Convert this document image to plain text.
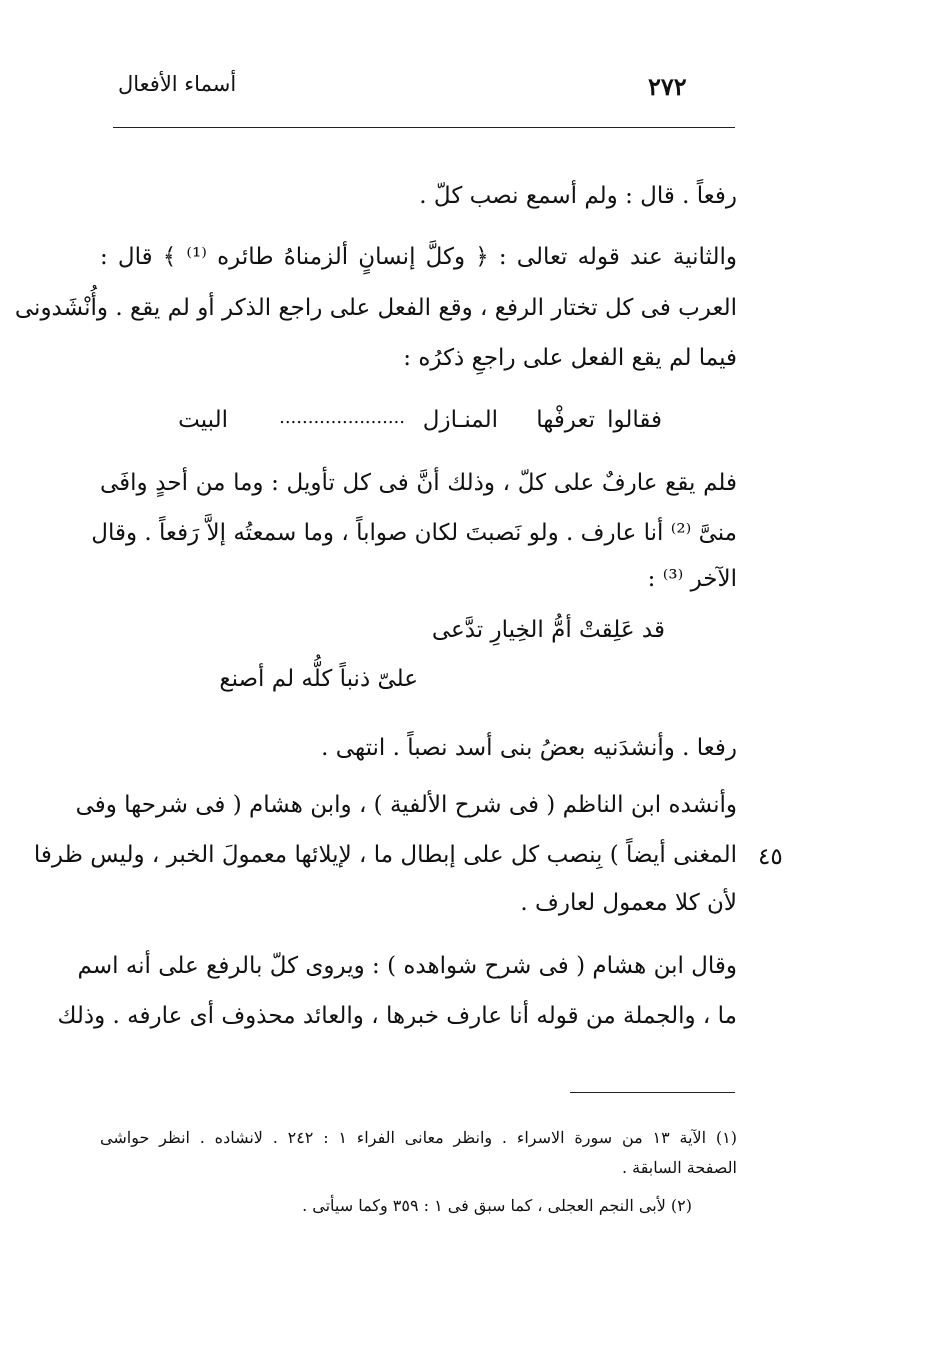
أسماء الأفعال	٢٧٢
رفعاً . قال : ولم أسمع نصب كلّ .
والثانية عند قوله تعالى : ﴿ وكلَّ إنسانٍ ألزمناهُ طائره ⁽¹⁾ ﴾ قال :
العرب فى كل تختار الرفع ، وقع الفعل على راجع الذكر أو لم يقع . وأُنْشَدونى
فيما لم يقع الفعل على راجعِ ذكرُه :
فقالوا
تعرفْها
المنـازل
......................
البيت
فلم يقع عارفٌ على كلّ ، وذلك أنَّ فى كل تأويل : وما من أحدٍ وافَى
منىَّ ⁽²⁾ أنا عارف . ولو نَصبتَ لكان صواباً ، وما سمعتُه إلاَّ رَفعاً . وقال
الآخر ⁽³⁾ :
قد عَلِقتْ أمُّ الخِيارِ تدَّعى
علىّ ذنباً كلُّه لم أصنع
رفعا . وأنشدَنيه بعضُ بنى أسد نصباً . انتهى .
وأنشده ابن الناظم ( فى شرح الألفية ) ، وابن هشام ( فى شرحها وفى
المغنى أيضاً ) بِنصب كل على إبطال ما ، لإيلائها معمولَ الخبر ، وليس ظرفا
لأن كلا معمول لعارف .
٤٥
وقال ابن هشام ( فى شرح شواهده ) : ويروى كلّ بالرفع على أنه اسم
ما ، والجملة من قوله أنا عارف خبرها ، والعائد محذوف أى عارفه . وذلك
(١) الآية ١٣ من سورة الاسراء . وانظر معانى الفراء ١ : ٢٤٢ . لانشاده . انظر حواشى
الصفحة السابقة .
(٢) لأبى النجم العجلى ، كما سبق فى ١ : ٣٥٩ وكما سيأتى .
